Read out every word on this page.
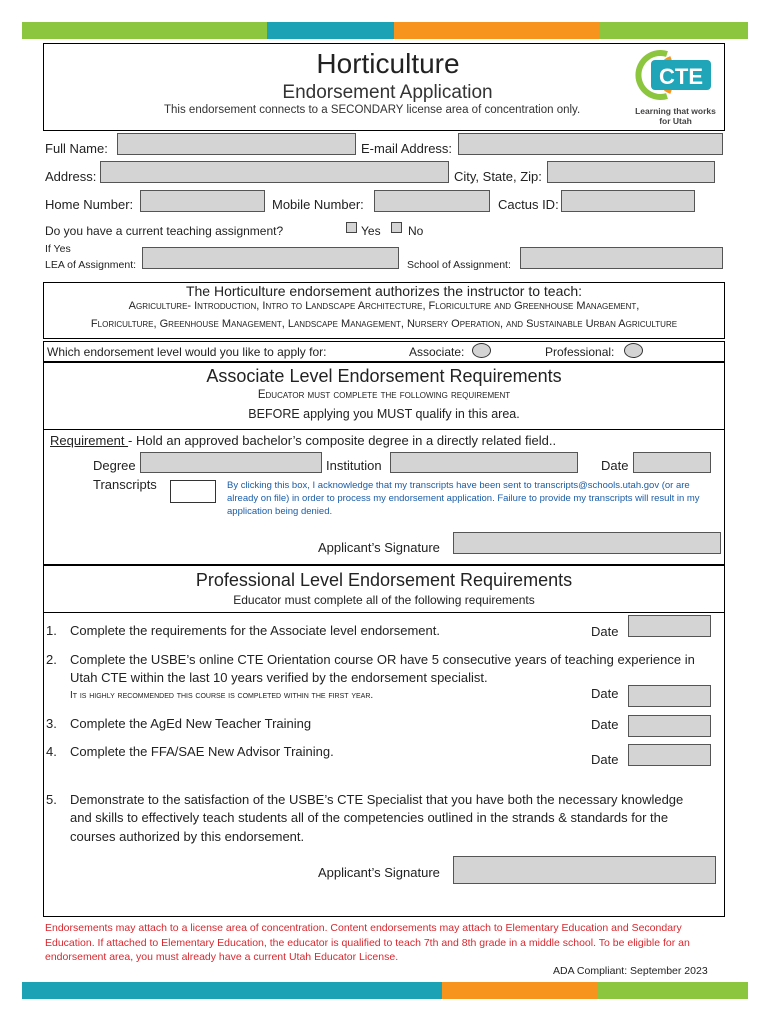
Horticulture
Endorsement Application
This endorsement connects to a SECONDARY license area of concentration only.
CTE
Learning that works
for Utah
Full Name:	E-mail Address:
Address:	City, State, Zip:
Home Number:	Mobile Number:	Cactus ID:
Do you have a current teaching assignment?	Yes No
If Yes
LEA of Assignment:	School of Assignment:
The Horticulture endorsement authorizes the instructor to teach:
Agriculture- Introduction, Intro to Landscape Architecture, Floriculture and Greenhouse Management,
Floriculture, Greenhouse Management, Landscape Management, Nursery Operation, and Sustainable Urban Agriculture
Which endorsement level would you like to apply for:	Associate:	Professional:
Associate Level Endorsement Requirements
Educator must complete the following requirement
BEFORE applying you MUST qualify in this area.
Requirement - Hold an approved bachelor’s composite degree in a directly related field..
Degree	Institution	Date
Transcripts	By clicking this box, I acknowledge that my transcripts have been sent to transcripts@schools.utah.gov (or are already on file) in order to process my endorsement application. Failure to provide my transcripts will result in my application being denied.
Applicant’s Signature
Professional Level Endorsement Requirements
Educator must complete all of the following requirements
1. Complete the requirements for the Associate level endorsement.	Date
2. Complete the USBE’s online CTE Orientation course OR have 5 consecutive years of teaching experience in
Utah CTE within the last 10 years verified by the endorsement specialist.
It is highly recommended this course is completed within the first year.	Date
3. Complete the AgEd New Teacher Training	Date
4. Complete the FFA/SAE New Advisor Training.
Date
5. Demonstrate to the satisfaction of the USBE’s CTE Specialist that you have both the necessary knowledge
and skills to effectively teach students all of the competencies outlined in the strands & standards for the
courses authorized by this endorsement.
Applicant’s Signature
Endorsements may attach to a license area of concentration. Content endorsements may attach to Elementary Education and Secondary Education. If attached to Elementary Education, the educator is qualified to teach 7th and 8th grade in a middle school. To be eligible for an endorsement area, you must already have a current Utah Educator License.
ADA Compliant: September 2023
